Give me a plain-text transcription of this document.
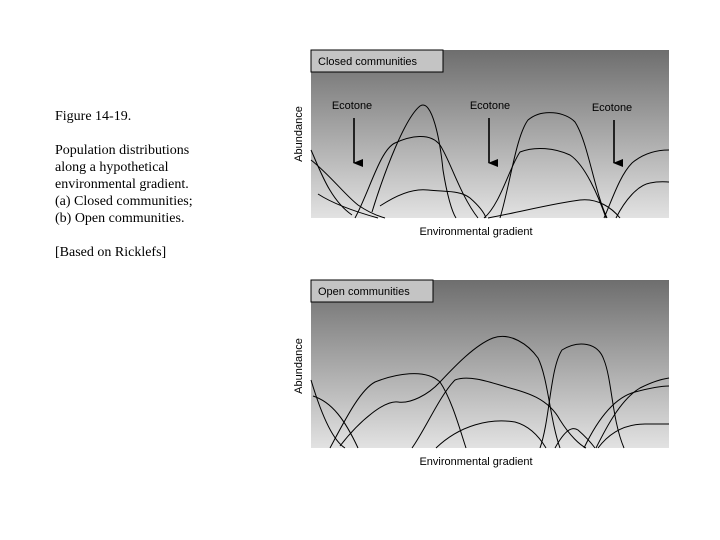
Figure 14-19.
Population distributions
along a hypothetical
environmental gradient.
(a) Closed communities;
(b) Open communities.
[Based on Ricklefs]
Closed communities
Abundance
Environmental gradient
Ecotone	Ecotone	Ecotone
Open communities
Abundance
Environmental gradient
